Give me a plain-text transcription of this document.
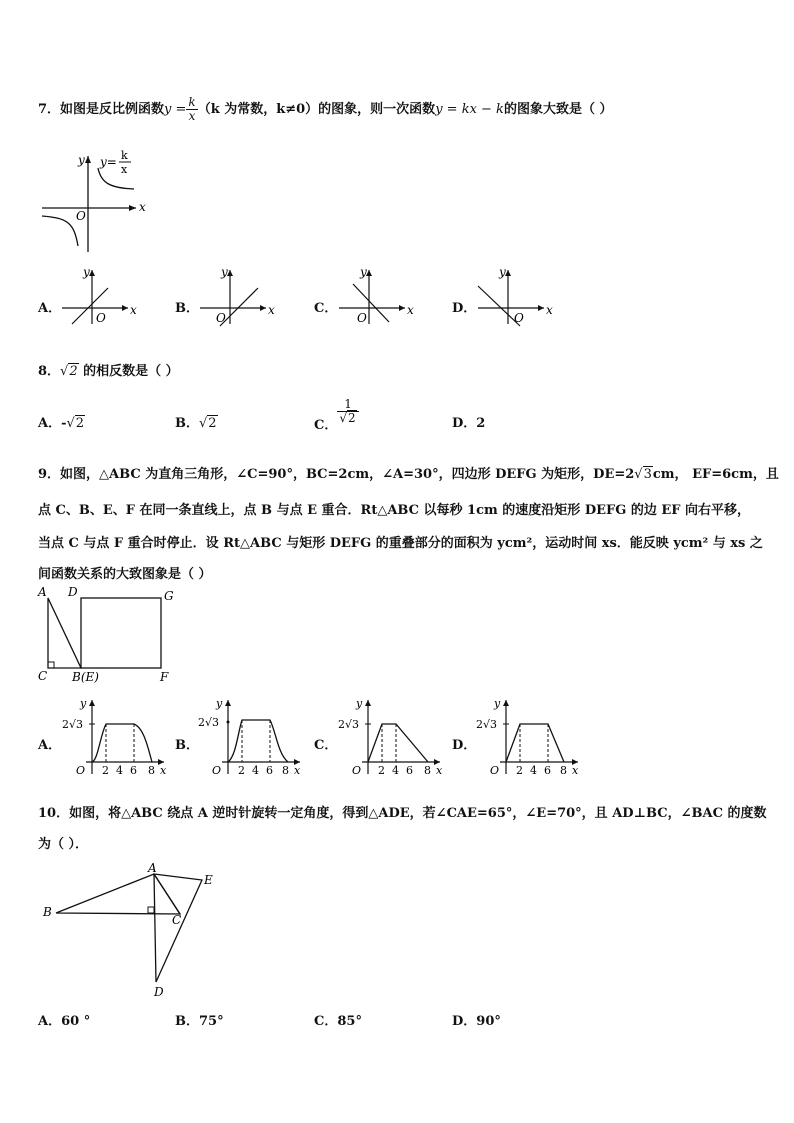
7．如图是反比例函数$y = \frac{k}{x} (k$ 为常数，k≠0）的图象，则一次函数y = kx − k的图象大致是（ ）
x
y
O
y= k
x
A．	x
y
O
B．	x
y
O
C．	x
y
O
D．	x
y
O
8．√2 的相反数是（ ）
A．-√2	B．√2	C．
$\frac{1}{√2}$	D．2
9．如图，△ABC 为直角三角形，∠C=90°，BC=2cm，∠A=30°，四边形 DEFG 为矩形，DE=2√3cm， EF=6cm，且
点 C、B、E、F 在同一条直线上，点 B 与点 E 重合．Rt△ABC 以每秒 1cm 的速度沿矩形 DEFG 的边 EF 向右平移，
当点 C 与点 F 重合时停止．设 Rt△ABC 与矩形 DEFG 的重叠部分的面积为 ycm²，运动时间 xs．能反映 ycm² 与 xs 之
间函数关系的大致图象是（ ）
A D	G
C B(E)	F
A．
2√3
y
O 2 4 6 8 x
B．
2√3
y
O 2 4 6 8 x
C．
2√3
y
O 2 4 6 8 x
D．
2√3
y
O 2 4 6 8 x
10．如图，将△ABC 绕点 A 逆时针旋转一定角度，得到△ADE，若∠CAE=65°，∠E=70°，且 AD⊥BC，∠BAC 的度数
为（ ）．
A
B
C
D
E
A．60 °	B．75°	C．85°	D．90°
